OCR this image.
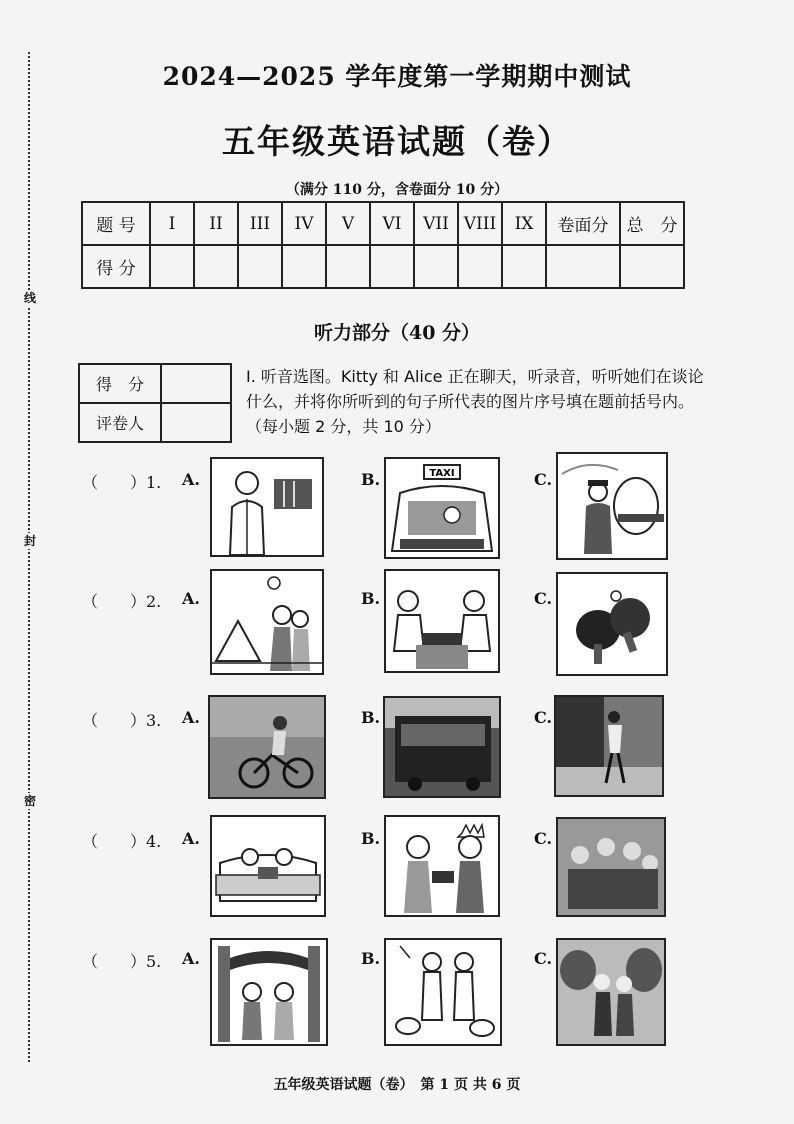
线
封
密
2024—2025 学年度第一学期期中测试
五年级英语试题（卷）
（满分 110 分，含卷面分 10 分）
题 号	I	II	III	IV	V	VI	VII	VIII	IX	卷面分	总　分
得 分											
听力部分（40 分）
得　分	
评卷人	
I. 听音选图。Kitty 和 Alice 正在聊天，听录音，听听她们在谈论什么，并将你所听到的句子所代表的图片序号填在题前括号内。（每小题 2 分，共 10 分）
（　　）1. A.	B.	C.
TAXI
（　　）2. A.	B.	C.
（　　）3. A.	B.	C.
（　　）4. A.	B.	C.
（　　）5. A.	B.	C.
五年级英语试题（卷）　第 1 页 共 6 页
